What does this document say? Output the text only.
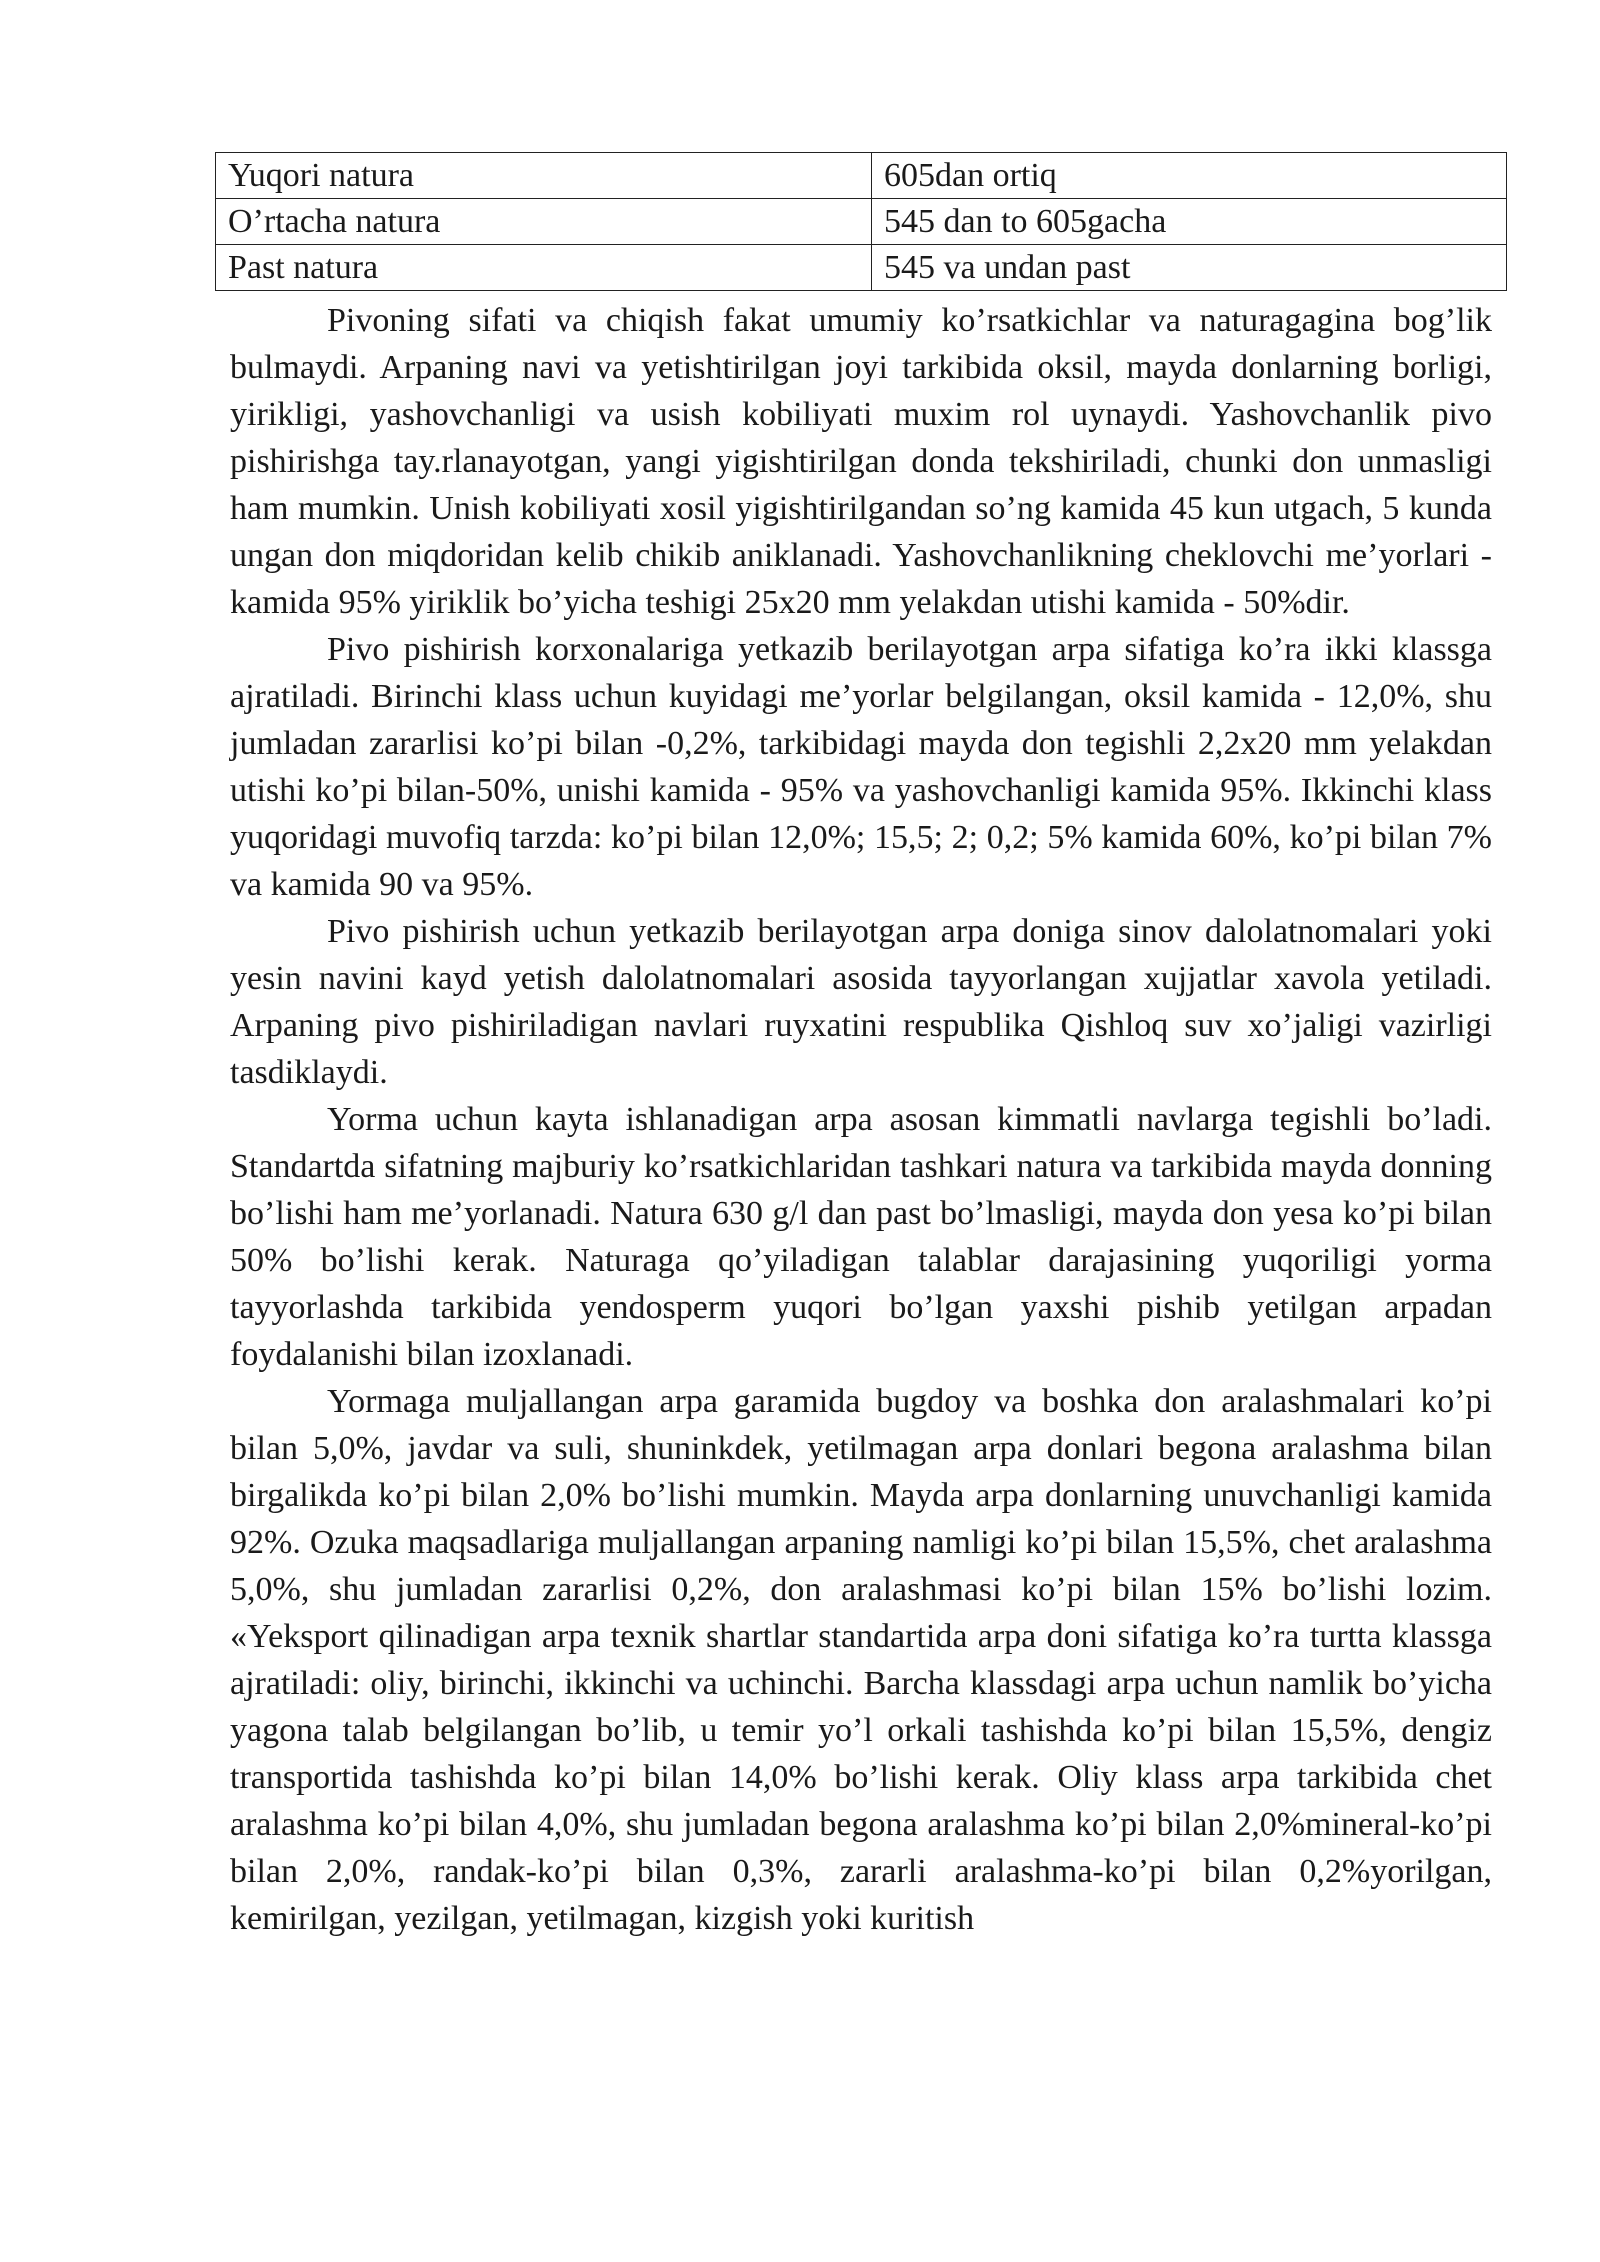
Yuqori natura	605dan ortiq
O’rtacha natura	545 dan to 605gacha
Past natura	545 va undan past

Pivoning sifati va chiqish fakat umumiy ko’rsatkichlar va naturagagina bog’lik bulmaydi. Arpaning navi va yetishtirilgan joyi tarkibida oksil, mayda donlarning borligi, yirikligi, yashovchanligi va usish kobiliyati muxim rol uynaydi. Yashovchanlik pivo pishirishga tay.rlanayotgan, yangi yigishtirilgan donda tekshiriladi, chunki don unmasligi ham mumkin. Unish kobiliyati xosil yigishtirilgandan so’ng kamida 45 kun utgach, 5 kunda ungan don miqdoridan kelib chikib aniklanadi. Yashovchanlikning cheklovchi me’yorlari - kamida 95% yiriklik bo’yicha teshigi 25x20 mm yelakdan utishi kamida - 50%dir.

Pivo pishirish korxonalariga yetkazib berilayotgan arpa sifatiga ko’ra ikki klassga ajratiladi. Birinchi klass uchun kuyidagi me’yorlar belgilangan, oksil kamida - 12,0%, shu jumladan zararlisi ko’pi bilan -0,2%, tarkibidagi mayda don tegishli 2,2x20 mm yelakdan utishi ko’pi bilan-50%, unishi kamida - 95% va yashovchanligi kamida 95%. Ikkinchi klass yuqoridagi muvofiq tarzda: ko’pi bilan 12,0%; 15,5; 2; 0,2; 5% kamida 60%, ko’pi bilan 7% va kamida 90 va 95%.

Pivo pishirish uchun yetkazib berilayotgan arpa doniga sinov dalolatnomalari yoki yesin navini kayd yetish dalolatnomalari asosida tayyorlangan xujjatlar xavola yetiladi. Arpaning pivo pishiriladigan navlari ruyxatini respublika Qishloq suv xo’jaligi vazirligi tasdiklaydi.

Yorma uchun kayta ishlanadigan arpa asosan kimmatli navlarga tegishli bo’ladi. Standartda sifatning majburiy ko’rsatkichlaridan tashkari natura va tarkibida mayda donning bo’lishi ham me’yorlanadi. Natura 630 g/l dan past bo’lmasligi, mayda don yesa ko’pi bilan 50% bo’lishi kerak. Naturaga qo’yiladigan talablar darajasining yuqoriligi yorma tayyorlashda tarkibida yendosperm yuqori bo’lgan yaxshi pishib yetilgan arpadan foydalanishi bilan izoxlanadi.

Yormaga muljallangan arpa garamida bugdoy va boshka don aralashmalari ko’pi bilan 5,0%, javdar va suli, shuninkdek, yetilmagan arpa donlari begona aralashma bilan birgalikda ko’pi bilan 2,0% bo’lishi mumkin. Mayda arpa donlarning unuvchanligi kamida 92%. Ozuka maqsadlariga muljallangan arpaning namligi ko’pi bilan 15,5%, chet aralashma 5,0%, shu jumladan zararlisi 0,2%, don aralashmasi ko’pi bilan 15% bo’lishi lozim. «Yeksport qilinadigan arpa texnik shartlar standartida arpa doni sifatiga ko’ra turtta klassga ajratiladi: oliy, birinchi, ikkinchi va uchinchi. Barcha klassdagi arpa uchun namlik bo’yicha yagona talab belgilangan bo’lib, u temir yo’l orkali tashishda ko’pi bilan 15,5%, dengiz transportida tashishda ko’pi bilan 14,0% bo’lishi kerak. Oliy klass arpa tarkibida chet aralashma ko’pi bilan 4,0%, shu jumladan begona aralashma ko’pi bilan 2,0%mineral-ko’pi bilan 2,0%, randak-ko’pi bilan 0,3%, zararli aralashma-ko’pi bilan 0,2%yorilgan, kemirilgan, yezilgan, yetilmagan, kizgish yoki kuritish
